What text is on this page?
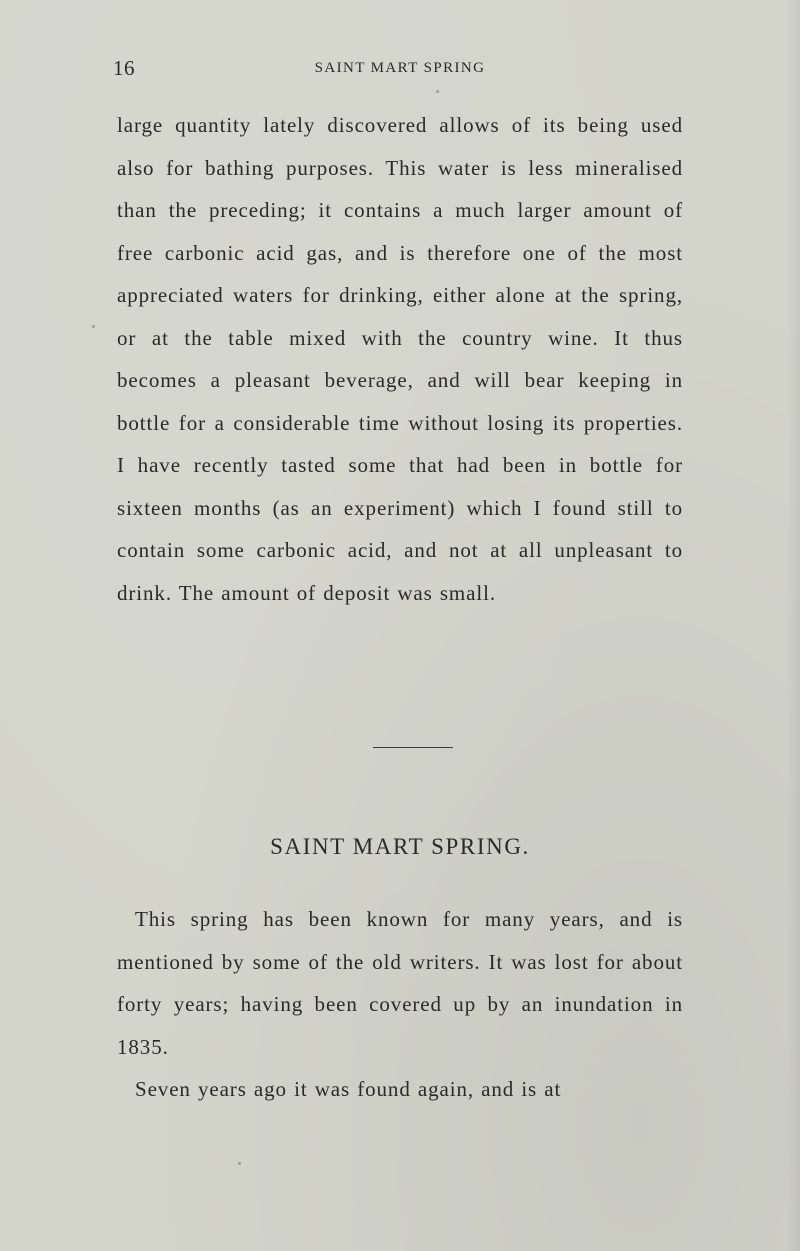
16	SAINT MART SPRING

large quantity lately discovered allows of its being used also for bathing purposes. This water is less mineralised than the preceding; it contains a much larger amount of free carbonic acid gas, and is therefore one of the most appreciated waters for drinking, either alone at the spring, or at the table mixed with the country wine. It thus becomes a pleasant beverage, and will bear keeping in bottle for a considerable time without losing its properties. I have recently tasted some that had been in bottle for sixteen months (as an experiment) which I found still to contain some carbonic acid, and not at all unpleasant to drink. The amount of deposit was small.

SAINT MART SPRING.

This spring has been known for many years, and is mentioned by some of the old writers. It was lost for about forty years; having been covered up by an inundation in 1835.

Seven years ago it was found again, and is at
